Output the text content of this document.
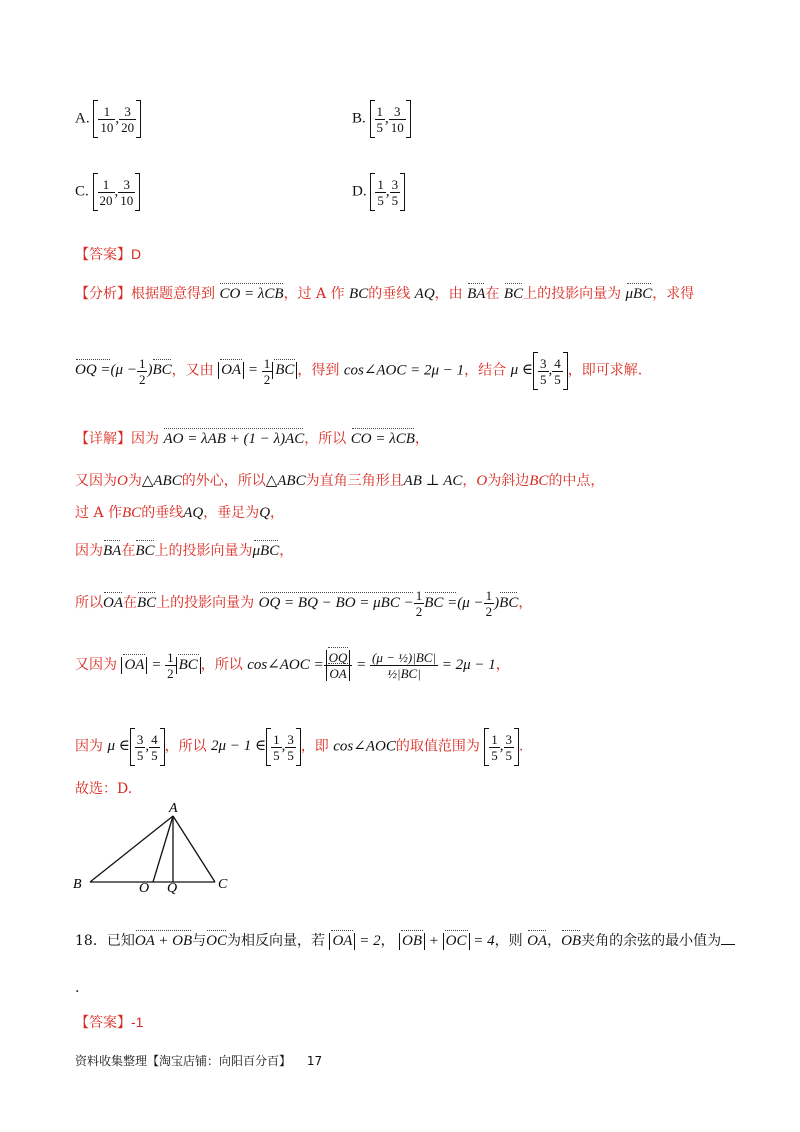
A. $\frac{1}{10}$ , $\frac{3}{20}$	B. $\frac{1}{5}$ , $\frac{3}{10}$
C. $\frac{1}{20}$ , $\frac{3}{10}$	D. $\frac{1}{5}$ , $\frac{3}{5}$
【答案】D
【分析】根据题意得到 CO = λCB，过 A 作 BC的垂线 AQ，由 BA在 BC上的投影向量为 μBC，求得
OQ $=(\mu - \frac{1}{2} )BC$，又由 OA = $\frac{1}{2}$ BC ，得到 cos∠AOC = 2μ − 1，结合 μ ∈ $\frac{3}{5}$ , $\frac{4}{5}$ ，即可求解.
【详解】因为 AO = λAB + (1 − λ)AC，所以 CO = λCB，
又因为O为△ABC的外心，所以△ABC为直角三角形且AB ⊥ AC，O为斜边BC的中点，
过 A 作BC的垂线AQ，垂足为Q，
因为BA在BC上的投影向量为μBC，
所以OA在BC上的投影向量为 OQ = BQ − BO = $\mu BC - \frac{1}{2}$ BC $=(\mu - \frac{1}{2} )BC$，
又因为 OA = $\frac{1}{2}$ BC ，所以 cos∠AOC = $\frac{OQ}{OA} = \frac{\text{(μ − ½)|BC|}}{\text{½|BC|}} = 2\mu - 1$，
因为 μ ∈ $\frac{3}{5}$ , $\frac{4}{5}$ ，所以 2μ − 1 ∈ $\frac{1}{5}$ , $\frac{3}{5}$ ，即 cos∠AOC的取值范围为 $\frac{1}{5}$ , $\frac{3}{5}$ .
故选：D.
A
B	O Q	C
18．已知OA + OB与OC为相反向量，若 OA = 2， OB + OC = 4，则 OA，OB夹角的余弦的最小值为
.
【答案】-1
资料收集整理【淘宝店铺：向阳百分百】 17
